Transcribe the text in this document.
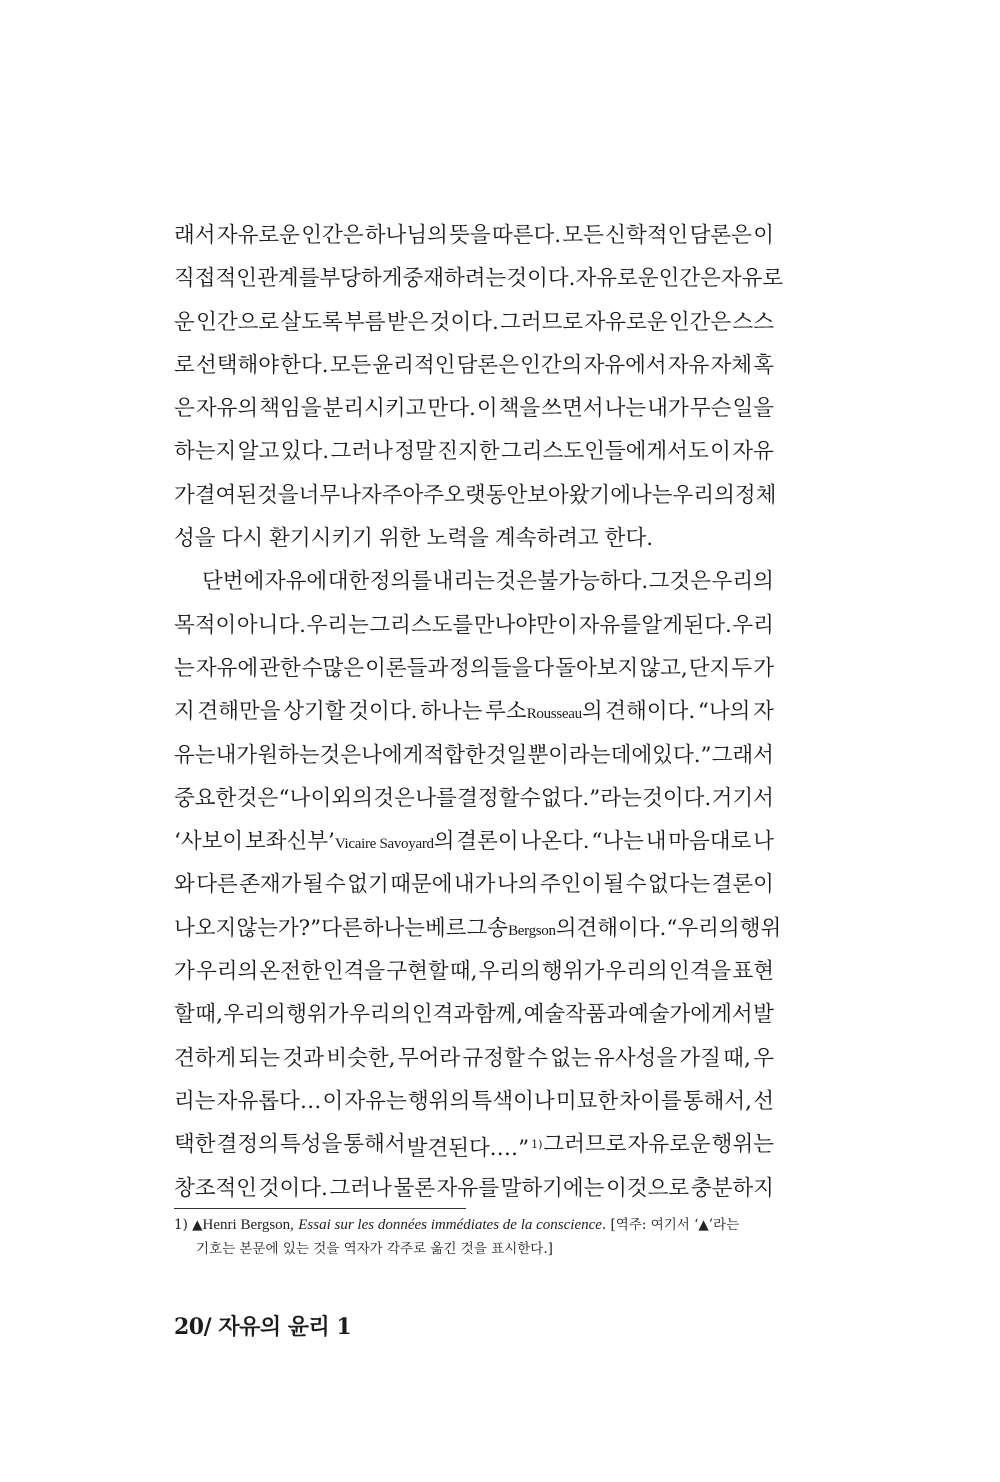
래서 자유로운 인간은 하나님의 뜻을 따른다. 모든 신학적인 담론은 이
직접적인 관계를 부당하게 중재하려는 것이다. 자유로운 인간은 자유로
운 인간으로 살도록 부름 받은 것이다. 그러므로 자유로운 인간은 스스
로 선택해야 한다. 모든 윤리적인 담론은 인간의 자유에서 자유 자체 혹
은 자유의 책임을 분리시키고 만다. 이 책을 쓰면서 나는 내가 무슨 일을
하는지 알고 있다. 그러나 정말 진지한 그리스도인들에게서도 이 자유
가 결여된 것을 너무나 자주 아주 오랫동안 보아왔기에 나는 우리의 정체
성을 다시 환기시키기 위한 노력을 계속하려고 한다.
단번에 자유에 대한 정의를 내리는 것은 불가능하다. 그것은 우리의
목적이 아니다. 우리는 그리스도를 만나야만 이 자유를 알게 된다. 우리
는 자유에 관한 수많은 이론들과 정의들을 다 돌아보지 않고, 단지 두 가
지 견해만을 상기할 것이다. 하나는 루소Rousseau의 견해이다. “나의 자
유는 내가 원하는 것은 나에게 적합한 것일 뿐이라는 데에 있다.” 그래서
중요한 것은 “나 이외의 것은 나를 결정할 수 없다.”라는 것이다. 거기서
‘사보이 보좌신부’Vicaire Savoyard의 결론이 나온다. “나는 내 마음대로 나
와 다른 존재가 될 수 없기 때문에 내가 나의 주인이 될 수 없다는 결론이
나오지 않는가?” 다른 하나는 베르그송Bergson의 견해이다. “우리의 행위
가 우리의 온전한 인격을 구현할 때, 우리의 행위가 우리의 인격을 표현
할 때, 우리의 행위가 우리의 인격과 함께, 예술작품과 예술가에게서 발
견하게 되는 것과 비슷한, 무어라 규정할 수 없는 유사성을 가질 때, 우
리는 자유롭다… 이 자유는 행위의 특색이나 미묘한 차이를 통해서, 선
택한 결정의 특성을 통해서 발견된다.…” $^{1)}$ 그러므로 자유로운 행위는
창조적인 것이다. 그러나 물론 자유를 말하기에는 이것으로 충분하지
1) ▲Henri Bergson, Essai sur les données immédiates de la conscience. [역주: 여기서 ‘▲’라는
기호는 본문에 있는 것을 역자가 각주로 옮긴 것을 표시한다.]
20/ 자유의 윤리 1
